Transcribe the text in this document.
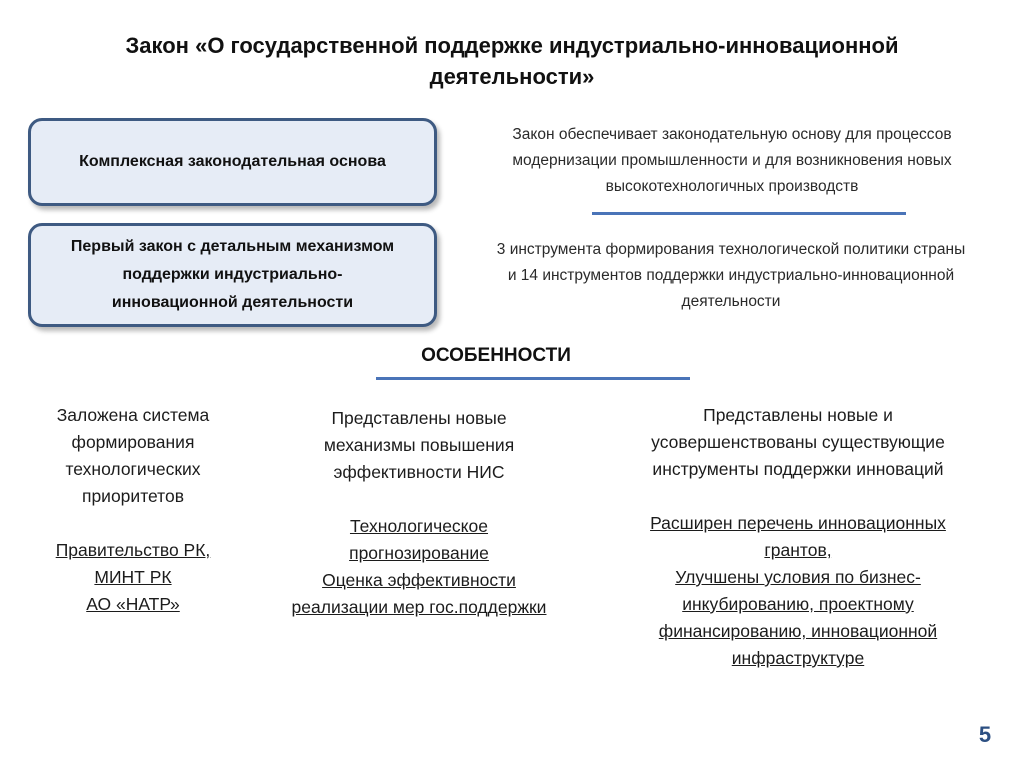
Закон «О государственной поддержке индустриально-инновационной
деятельности»
Комплексная законодательная основа
Первый закон с детальным механизмом
поддержки индустриально-
инновационной деятельности
Закон обеспечивает законодательную основу для процессов
модернизации промышленности и для возникновения новых
высокотехнологичных производств
3 инструмента формирования технологической политики страны
и 14 инструментов поддержки индустриально-инновационной
деятельности
ОСОБЕННОСТИ
Заложена система
формирования
технологических
приоритетов
Правительство РК,
МИНТ РК
АО «НАТР»
Представлены новые
механизмы повышения
эффективности НИС
Технологическое
прогнозирование
Оценка эффективности
реализации мер гос.поддержки
Представлены новые и
усовершенствованы существующие
инструменты поддержки инноваций
Расширен перечень инновационных
грантов,
Улучшены условия по бизнес-
инкубированию, проектному
финансированию, инновационной
инфраструктуре
5
